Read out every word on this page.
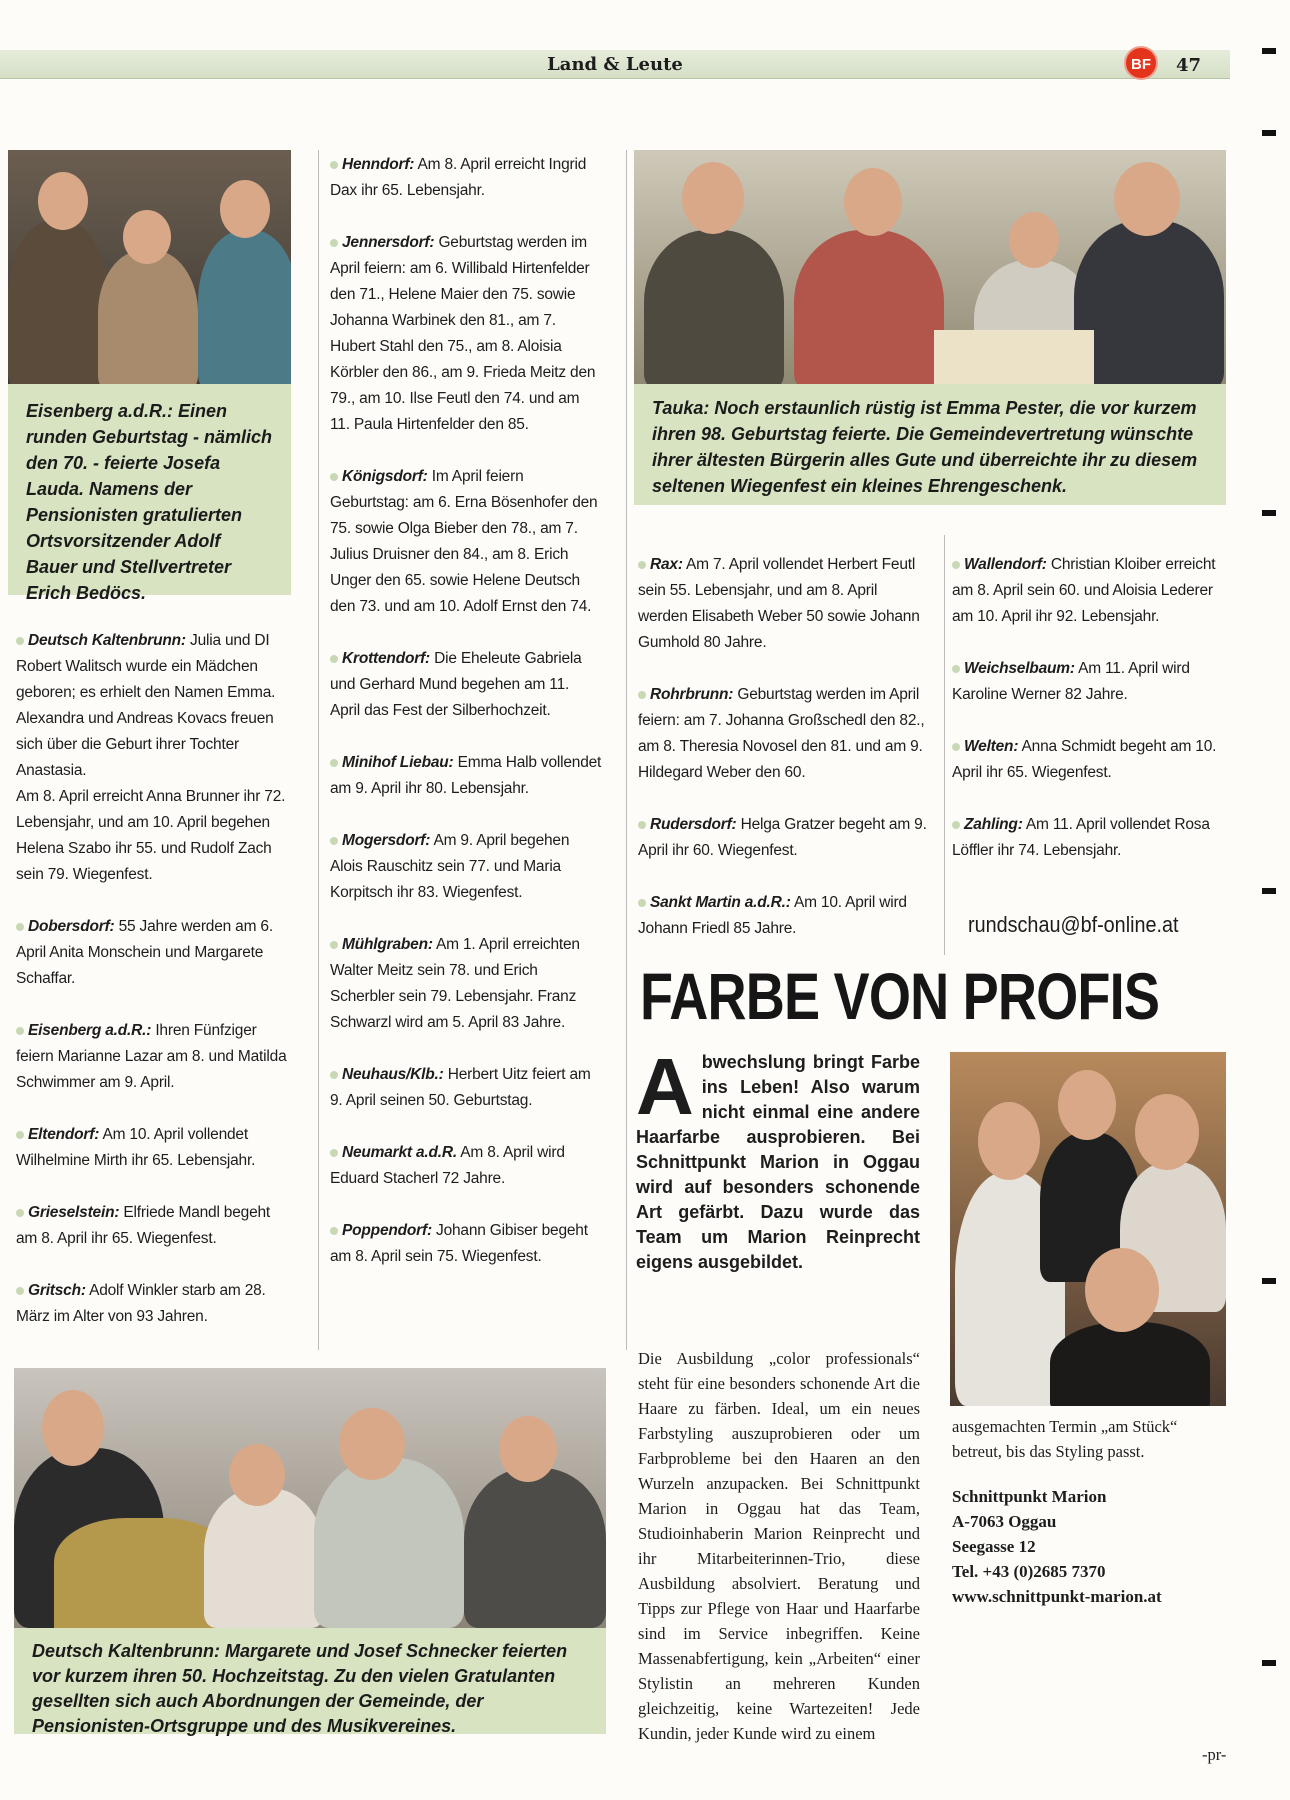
Land & Leute	BF	47

Eisenberg a.d.R.: Einen runden Geburtstag - nämlich den 70. - feierte Josefa Lauda. Namens der Pensionisten gratulierten Ortsvorsitzender Adolf Bauer und Stellvertreter Erich Bedöcs.

Tauka: Noch erstaunlich rüstig ist Emma Pester, die vor kurzem ihren 98. Geburtstag feierte. Die Gemeindevertretung wünschte ihrer ältesten Bürgerin alles Gute und überreichte ihr zu diesem seltenen Wiegenfest ein kleines Ehrengeschenk.

Deutsch Kaltenbrunn: Julia und DI Robert Walitsch wurde ein Mädchen geboren; es erhielt den Namen Emma. Alexandra und Andreas Kovacs freuen sich über die Geburt ihrer Tochter Anastasia.
Am 8. April erreicht Anna Brunner ihr 72. Lebensjahr, und am 10. April begehen Helena Szabo ihr 55. und Rudolf Zach sein 79. Wiegenfest.
Dobersdorf: 55 Jahre werden am 6. April Anita Monschein und Margarete Schaffar.
Eisenberg a.d.R.: Ihren Fünfziger feiern Marianne Lazar am 8. und Matilda Schwimmer am 9. April.
Eltendorf: Am 10. April vollendet Wilhelmine Mirth ihr 65. Lebensjahr.
Grieselstein: Elfriede Mandl begeht am 8. April ihr 65. Wiegenfest.
Gritsch: Adolf Winkler starb am 28. März im Alter von 93 Jahren.
Henndorf: Am 8. April erreicht Ingrid Dax ihr 65. Lebensjahr.
Jennersdorf: Geburtstag werden im April feiern: am 6. Willibald Hirtenfelder den 71., Helene Maier den 75. sowie Johanna Warbinek den 81., am 7. Hubert Stahl den 75., am 8. Aloisia Körbler den 86., am 9. Frieda Meitz den 79., am 10. Ilse Feutl den 74. und am 11. Paula Hirtenfelder den 85.
Königsdorf: Im April feiern Geburtstag: am 6. Erna Bösenhofer den 75. sowie Olga Bieber den 78., am 7. Julius Druisner den 84., am 8. Erich Unger den 65. sowie Helene Deutsch den 73. und am 10. Adolf Ernst den 74.
Krottendorf: Die Eheleute Gabriela und Gerhard Mund begehen am 11. April das Fest der Silberhochzeit.
Minihof Liebau: Emma Halb vollendet am 9. April ihr 80. Lebensjahr.
Mogersdorf: Am 9. April begehen Alois Rauschitz sein 77. und Maria Korpitsch ihr 83. Wiegenfest.
Mühlgraben: Am 1. April erreichten Walter Meitz sein 78. und Erich Scherbler sein 79. Lebensjahr. Franz Schwarzl wird am 5. April 83 Jahre.
Neuhaus/Klb.: Herbert Uitz feiert am 9. April seinen 50. Geburtstag.
Neumarkt a.d.R. Am 8. April wird Eduard Stacherl 72 Jahre.
Poppendorf: Johann Gibiser begeht am 8. April sein 75. Wiegenfest.
Rax: Am 7. April vollendet Herbert Feutl sein 55. Lebensjahr, und am 8. April werden Elisabeth Weber 50 sowie Johann Gumhold 80 Jahre.
Rohrbrunn: Geburtstag werden im April feiern: am 7. Johanna Großschedl den 82., am 8. Theresia Novosel den 81. und am 9. Hildegard Weber den 60.
Rudersdorf: Helga Gratzer begeht am 9. April ihr 60. Wiegenfest.
Sankt Martin a.d.R.: Am 10. April wird Johann Friedl 85 Jahre.
Wallendorf: Christian Kloiber erreicht am 8. April sein 60. und Aloisia Lederer am 10. April ihr 92. Lebensjahr.
Weichselbaum: Am 11. April wird Karoline Werner 82 Jahre.
Welten: Anna Schmidt begeht am 10. April ihr 65. Wiegenfest.
Zahling: Am 11. April vollendet Rosa Löffler ihr 74. Lebensjahr.
rundschau@bf-online.at

Deutsch Kaltenbrunn: Margarete und Josef Schnecker feierten vor kurzem ihren 50. Hochzeitstag. Zu den vielen Gratulanten gesellten sich auch Abordnungen der Gemeinde, der Pensionisten-Ortsgruppe und des Musikvereines.

FARBE VON PROFIS
Abwechslung bringt Farbe ins Leben! Also warum nicht einmal eine andere Haarfarbe ausprobieren. Bei Schnittpunkt Marion in Oggau wird auf besonders schonende Art gefärbt. Dazu wurde das Team um Marion Reinprecht eigens ausgebildet.
Die Ausbildung „color professionals“ steht für eine besonders schonende Art die Haare zu färben. Ideal, um ein neues Farbstyling auszuprobieren oder um Farbprobleme bei den Haaren an den Wurzeln anzupacken. Bei Schnittpunkt Marion in Oggau hat das Team, Studioinhaberin Marion Reinprecht und ihr Mitarbeiterinnen-Trio, diese Ausbildung absolviert. Beratung und Tipps zur Pflege von Haar und Haarfarbe sind im Service inbegriffen. Keine Massenabfertigung, kein „Arbeiten“ einer Stylistin an mehreren Kunden gleichzeitig, keine Wartezeiten! Jede Kundin, jeder Kunde wird zu einem
ausgemachten Termin „am Stück“ betreut, bis das Styling passt.
Schnittpunkt Marion
A-7063 Oggau
Seegasse 12
Tel. +43 (0)2685 7370
www.schnittpunkt-marion.at
-pr-
